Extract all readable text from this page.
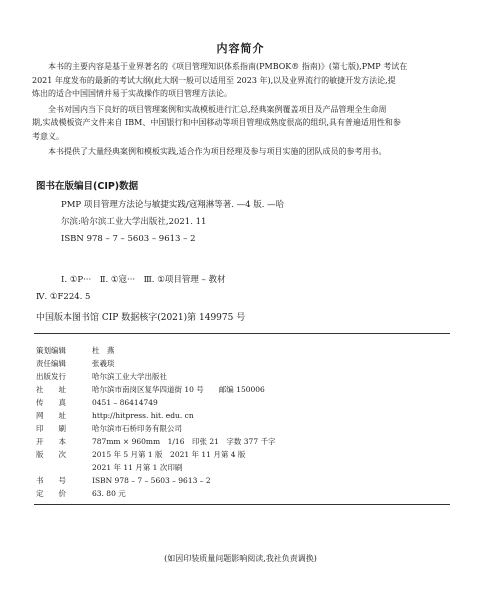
内容简介
　　本书的主要内容是基于业界著名的《项目管理知识体系指南(PMBOK® 指南)》(第七版),PMP 考试在
2021 年度发布的最新的考试大纲(此大纲一般可以适用至 2023 年),以及业界流行的敏捷开发方法论,提
炼出的适合中国国情并易于实战操作的项目管理方法论。
　　全书对国内当下良好的项目管理案例和实战模板进行汇总,经典案例覆盖项目及产品管理全生命周
期,实战模板资产文件来自 IBM、中国银行和中国移动等项目管理成熟度很高的组织,具有普遍适用性和参
考意义。
　　本书提供了大量经典案例和模板实践,适合作为项目经理及参与项目实施的团队成员的参考用书。
图书在版编目(CIP)数据
PMP 项目管理方法论与敏捷实践/寇翔淋等著. —4 版. —哈
尔滨:哈尔滨工业大学出版社,2021. 11
ISBN 978 – 7 – 5603 – 9613 – 2
Ⅰ. ①P···　Ⅱ. ①寇···　Ⅲ. ①项目管理 – 教材
Ⅳ. ①F224. 5
中国版本图书馆 CIP 数据核字(2021)第 149975 号
策划编辑	杜　燕
责任编辑	张羲琰
出版发行	哈尔滨工业大学出版社
社　　址	哈尔滨市南岗区复华四道街 10 号　　邮编 150006
传　　真	0451 – 86414749
网　　址	http://hitpress. hit. edu. cn
印　　刷	哈尔滨市石桥印务有限公司
开　　本	787mm × 960mm　1/16　印张 21　字数 377 千字
版　　次	2015 年 5 月第 1 版　2021 年 11 月第 4 版
2021 年 11 月第 1 次印刷
书　　号	ISBN 978 – 7 – 5603 – 9613 – 2
定　　价	63. 80 元
(如因印装质量问题影响阅读,我社负责调换)
